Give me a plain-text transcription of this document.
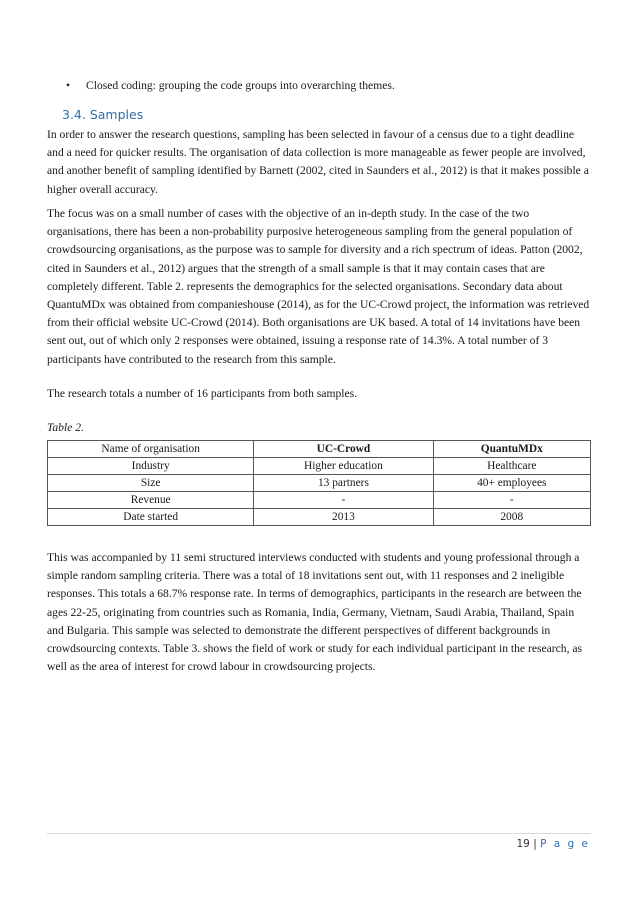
• Closed coding: grouping the code groups into overarching themes.
3.4. Samples
In order to answer the research questions, sampling has been selected in favour of a census due to a tight deadline and a need for quicker results. The organisation of data collection is more manageable as fewer people are involved, and another benefit of sampling identified by Barnett (2002, cited in Saunders et al., 2012) is that it makes possible a higher overall accuracy.
The focus was on a small number of cases with the objective of an in-depth study. In the case of the two organisations, there has been a non-probability purposive heterogeneous sampling from the general population of crowdsourcing organisations, as the purpose was to sample for diversity and a rich spectrum of ideas. Patton (2002, cited in Saunders et al., 2012) argues that the strength of a small sample is that it may contain cases that are completely different. Table 2. represents the demographics for the selected organisations. Secondary data about QuantuMDx was obtained from companieshouse (2014), as for the UC-Crowd project, the information was retrieved from their official website UC-Crowd (2014). Both organisations are UK based. A total of 14 invitations have been sent out, out of which only 2 responses were obtained, issuing a response rate of 14.3%. A total number of 3 participants have contributed to the research from this sample.
The research totals a number of 16 participants from both samples.
Table 2.
Name of organisation	UC-Crowd	QuantuMDx
Industry	Higher education	Healthcare
Size	13 partners	40+ employees
Revenue	-	-
Date started	2013	2008
This was accompanied by 11 semi structured interviews conducted with students and young professional through a simple random sampling criteria. There was a total of 18 invitations sent out, with 11 responses and 2 ineligible responses. This totals a 68.7% response rate. In terms of demographics, participants in the research are between the ages 22-25, originating from countries such as Romania, India, Germany, Vietnam, Saudi Arabia, Thailand, Spain and Bulgaria. This sample was selected to demonstrate the different perspectives of different backgrounds in crowdsourcing contexts. Table 3. shows the field of work or study for each individual participant in the research, as well as the area of interest for crowd labour in crowdsourcing projects.
19 | P a g e
